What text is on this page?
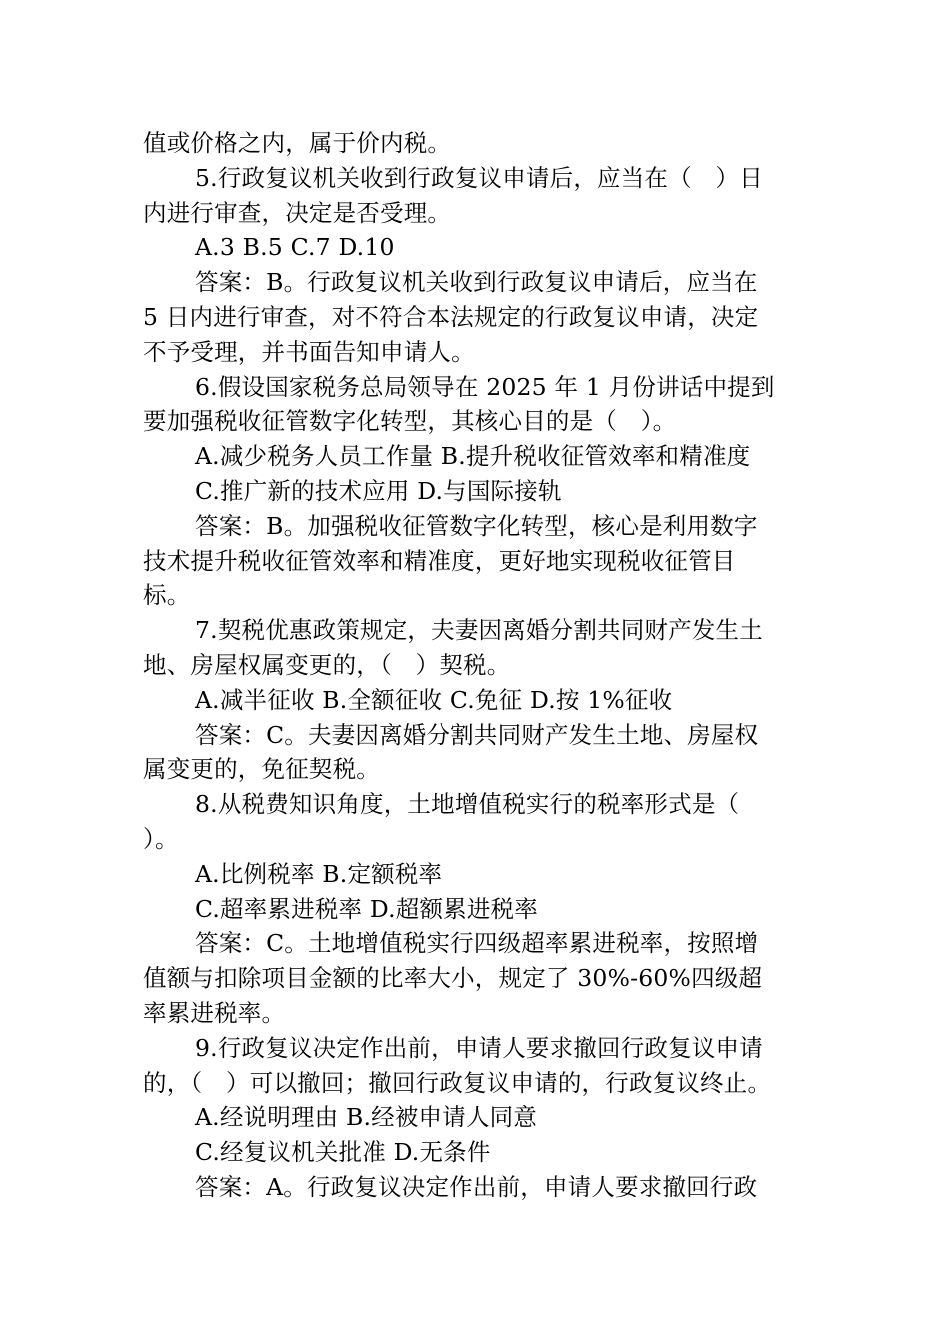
值或价格之内，属于价内税。
5.行政复议机关收到行政复议申请后，应当在（　）日
内进行审查，决定是否受理。
A.3 B.5 C.7 D.10
答案：B。行政复议机关收到行政复议申请后，应当在
5 日内进行审查，对不符合本法规定的行政复议申请，决定
不予受理，并书面告知申请人。
6.假设国家税务总局领导在 2025 年 1 月份讲话中提到
要加强税收征管数字化转型，其核心目的是（　）。
A.减少税务人员工作量 B.提升税收征管效率和精准度
C.推广新的技术应用 D.与国际接轨
答案：B。加强税收征管数字化转型，核心是利用数字
技术提升税收征管效率和精准度，更好地实现税收征管目
标。
7.契税优惠政策规定，夫妻因离婚分割共同财产发生土
地、房屋权属变更的，（　）契税。
A.减半征收 B.全额征收 C.免征 D.按 1%征收
答案：C。夫妻因离婚分割共同财产发生土地、房屋权
属变更的，免征契税。
8.从税费知识角度，土地增值税实行的税率形式是（
）。
A.比例税率 B.定额税率
C.超率累进税率 D.超额累进税率
答案：C。土地增值税实行四级超率累进税率，按照增
值额与扣除项目金额的比率大小，规定了 30%-60%四级超
率累进税率。
9.行政复议决定作出前，申请人要求撤回行政复议申请
的，（　）可以撤回；撤回行政复议申请的，行政复议终止。
A.经说明理由 B.经被申请人同意
C.经复议机关批准 D.无条件
答案：A。行政复议决定作出前，申请人要求撤回行政
